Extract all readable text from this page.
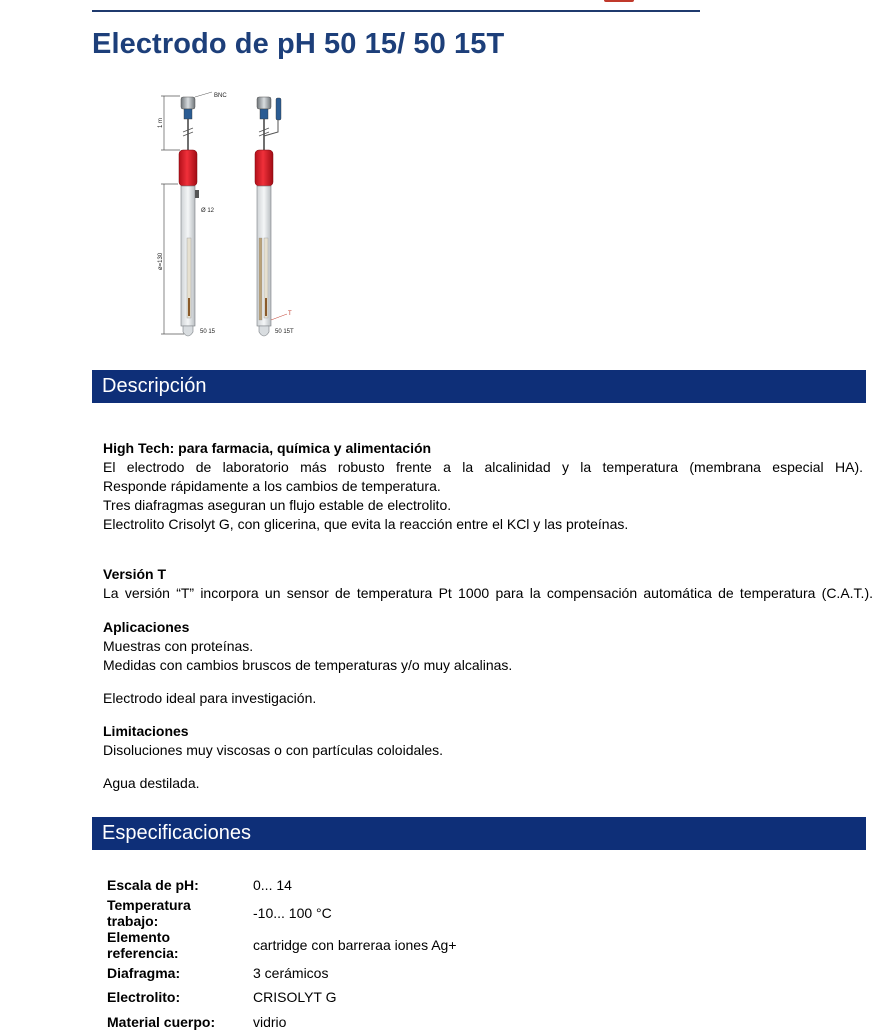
Electrodo de pH 50 15/ 50 15T
1 m
ø=130
BNC
Ø 12
50 15
T
50 15T
Descripción

High Tech: para farmacia, química y alimentación

El electrodo de laboratorio más robusto frente a la alcalinidad y la temperatura (membrana especial HA).

Responde rápidamente a los cambios de temperatura.

Tres diafragmas aseguran un flujo estable de electrolito.

Electrolito Crisolyt G, con glicerina, que evita la reacción entre el KCl y las proteínas.

Versión T

La versión “T” incorpora un sensor de temperatura Pt 1000 para la compensación automática de temperatura (C.A.T.).

Aplicaciones

Muestras con proteínas.

Medidas con cambios bruscos de temperaturas y/o muy alcalinas.

Electrodo ideal para investigación.

Limitaciones

Disoluciones muy viscosas o con partículas coloidales.

Agua destilada.

Especificaciones
Escala de pH:	0... 14
Temperatura trabajo:	-10... 100 °C
Elemento referencia:	cartridge con barreraa iones Ag+
Diafragma:	3 cerámicos
Electrolito:	CRISOLYT G
Material cuerpo:	vidrio
